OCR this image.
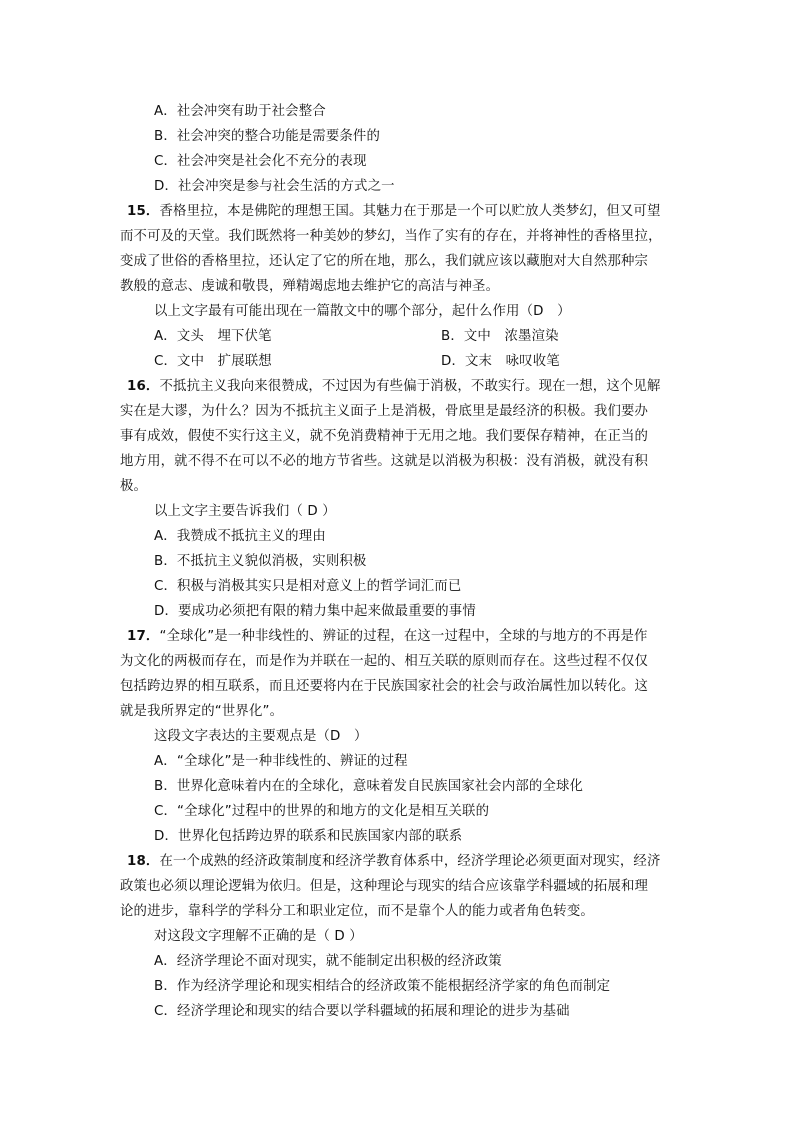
A．社会冲突有助于社会整合
B．社会冲突的整合功能是需要条件的
C．社会冲突是社会化不充分的表现
D．社会冲突是参与社会生活的方式之一
15．香格里拉，本是佛陀的理想王国。其魅力在于那是一个可以贮放人类梦幻，但又可望
而不可及的天堂。我们既然将一种美妙的梦幻，当作了实有的存在，并将神性的香格里拉，
变成了世俗的香格里拉，还认定了它的所在地，那么，我们就应该以藏胞对大自然那种宗
教般的意志、虔诚和敬畏，殚精竭虑地去维护它的高洁与神圣。
以上文字最有可能出现在一篇散文中的哪个部分，起什么作用（D　）
A．文头　埋下伏笔	B．文中　浓墨渲染
C．文中　扩展联想	D．文末　咏叹收笔
16．不抵抗主义我向来很赞成，不过因为有些偏于消极，不敢实行。现在一想，这个见解
实在是大谬，为什么？因为不抵抗主义面子上是消极，骨底里是最经济的积极。我们要办
事有成效，假使不实行这主义，就不免消费精神于无用之地。我们要保存精神，在正当的
地方用，就不得不在可以不必的地方节省些。这就是以消极为积极：没有消极，就没有积
极。
以上文字主要告诉我们（ D ）
A．我赞成不抵抗主义的理由
B．不抵抗主义貌似消极，实则积极
C．积极与消极其实只是相对意义上的哲学词汇而已
D．要成功必须把有限的精力集中起来做最重要的事情
17．“全球化”是一种非线性的、辨证的过程，在这一过程中，全球的与地方的不再是作
为文化的两极而存在，而是作为并联在一起的、相互关联的原则而存在。这些过程不仅仅
包括跨边界的相互联系，而且还要将内在于民族国家社会的社会与政治属性加以转化。这
就是我所界定的“世界化”。
这段文字表达的主要观点是（D　）
A．“全球化”是一种非线性的、辨证的过程
B．世界化意味着内在的全球化，意味着发自民族国家社会内部的全球化
C．“全球化”过程中的世界的和地方的文化是相互关联的
D．世界化包括跨边界的联系和民族国家内部的联系
18．在一个成熟的经济政策制度和经济学教育体系中，经济学理论必须更面对现实，经济
政策也必须以理论逻辑为依归。但是，这种理论与现实的结合应该靠学科疆域的拓展和理
论的进步，靠科学的学科分工和职业定位，而不是靠个人的能力或者角色转变。
对这段文字理解不正确的是（ D ）
A．经济学理论不面对现实，就不能制定出积极的经济政策
B．作为经济学理论和现实相结合的经济政策不能根据经济学家的角色而制定
C．经济学理论和现实的结合要以学科疆域的拓展和理论的进步为基础
